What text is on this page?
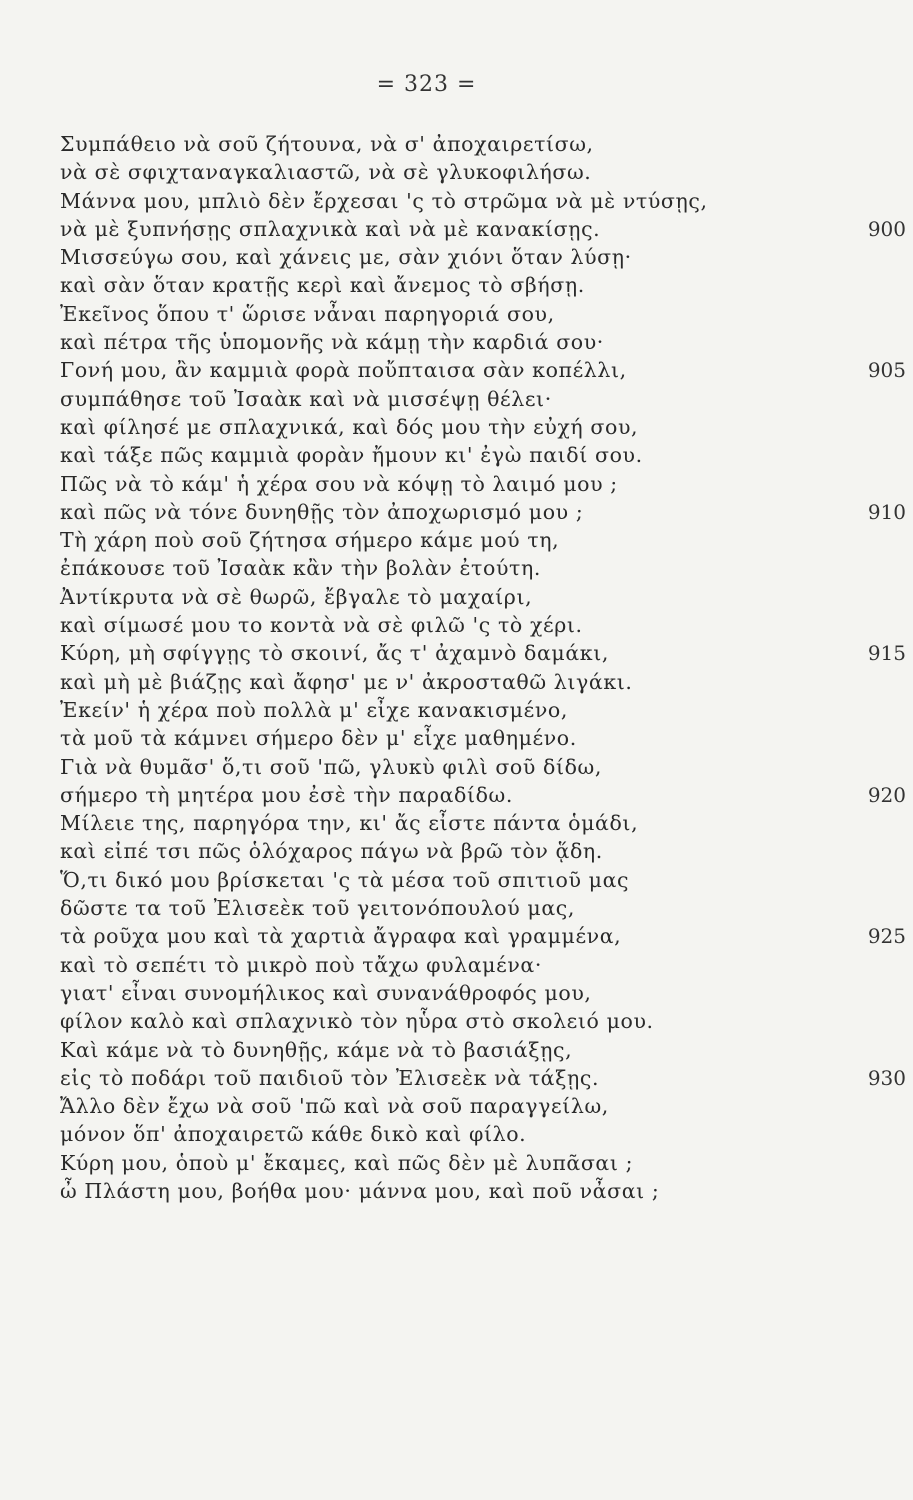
= 323 =
Συμπάθειο νὰ σοῦ ζήτουνα, νὰ σ' ἀποχαιρετίσω,
νὰ σὲ σφιχταναγκαλιαστῶ, νὰ σὲ γλυκοφιλήσω.
Μάννα μου, μπλιὸ δὲν ἔρχεσαι 'ς τὸ στρῶμα νὰ μὲ ντύσῃς,
νὰ μὲ ξυπνήσῃς σπλαχνικὰ καὶ νὰ μὲ κανακίσῃς.	900
Μισσεύγω σου, καὶ χάνεις με, σὰν χιόνι ὅταν λύσῃ·
καὶ σὰν ὅταν κρατῇς κερὶ καὶ ἄνεμος τὸ σβήσῃ.
Ἐκεῖνος ὅπου τ' ὥρισε νἆναι παρηγοριά σου,
καὶ πέτρα τῆς ὑπομονῆς νὰ κάμῃ τὴν καρδιά σου·
Γονή μου, ἂν καμμιὰ φορὰ ποὔπταισα σὰν κοπέλλι,	905
συμπάθησε τοῦ Ἰσαὰκ καὶ νὰ μισσέψῃ θέλει·
καὶ φίλησέ με σπλαχνικά, καὶ δός μου τὴν εὐχή σου,
καὶ τάξε πῶς καμμιὰ φορὰν ἤμουν κι' ἐγὼ παιδί σου.
Πῶς νὰ τὸ κάμ' ἡ χέρα σου νὰ κόψῃ τὸ λαιμό μου ;
καὶ πῶς νὰ τόνε δυνηθῇς τὸν ἀποχωρισμό μου ;	910
Τὴ χάρη ποὺ σοῦ ζήτησα σήμερο κάμε μού τη,
ἐπάκουσε τοῦ Ἰσαὰκ κἂν τὴν βολὰν ἐτούτη.
Ἀντίκρυτα νὰ σὲ θωρῶ, ἔβγαλε τὸ μαχαίρι,
καὶ σίμωσέ μου το κοντὰ νὰ σὲ φιλῶ 'ς τὸ χέρι.
Κύρη, μὴ σφίγγῃς τὸ σκοινί, ἄς τ' ἀχαμνὸ δαμάκι,	915
καὶ μὴ μὲ βιάζῃς καὶ ἄφησ' με ν' ἀκροσταθῶ λιγάκι.
Ἐκείν' ἡ χέρα ποὺ πολλὰ μ' εἶχε κανακισμένο,
τὰ μοῦ τὰ κάμνει σήμερο δὲν μ' εἶχε μαθημένο.
Γιὰ νὰ θυμᾶσ' ὅ,τι σοῦ 'πῶ, γλυκὺ φιλὶ σοῦ δίδω,
σήμερο τὴ μητέρα μου ἐσὲ τὴν παραδίδω.	920
Μίλειε της, παρηγόρα την, κι' ἄς εἶστε πάντα ὁμάδι,
καὶ εἰπέ τσι πῶς ὁλόχαρος πάγω νὰ βρῶ τὸν ᾅδη.
Ὅ,τι δικό μου βρίσκεται 'ς τὰ μέσα τοῦ σπιτιοῦ μας
δῶστε τα τοῦ Ἐλισεὲκ τοῦ γειτονόπουλού μας,
τὰ ροῦχα μου καὶ τὰ χαρτιὰ ἄγραφα καὶ γραμμένα,	925
καὶ τὸ σεπέτι τὸ μικρὸ ποὺ τἄχω φυλαμένα·
γιατ' εἶναι συνομήλικος καὶ συνανάθροφός μου,
φίλον καλὸ καὶ σπλαχνικὸ τὸν ηὗρα στὸ σκολειό μου.
Καὶ κάμε νὰ τὸ δυνηθῇς, κάμε νὰ τὸ βασιάξῃς,
εἰς τὸ ποδάρι τοῦ παιδιοῦ τὸν Ἐλισεὲκ νὰ τάξῃς.	930
Ἄλλο δὲν ἔχω νὰ σοῦ 'πῶ καὶ νὰ σοῦ παραγγείλω,
μόνον ὅπ' ἀποχαιρετῶ κάθε δικὸ καὶ φίλο.
Κύρη μου, ὁποὺ μ' ἔκαμες, καὶ πῶς δὲν μὲ λυπᾶσαι ;
ὦ Πλάστη μου, βοήθα μου· μάννα μου, καὶ ποῦ νἆσαι ;
